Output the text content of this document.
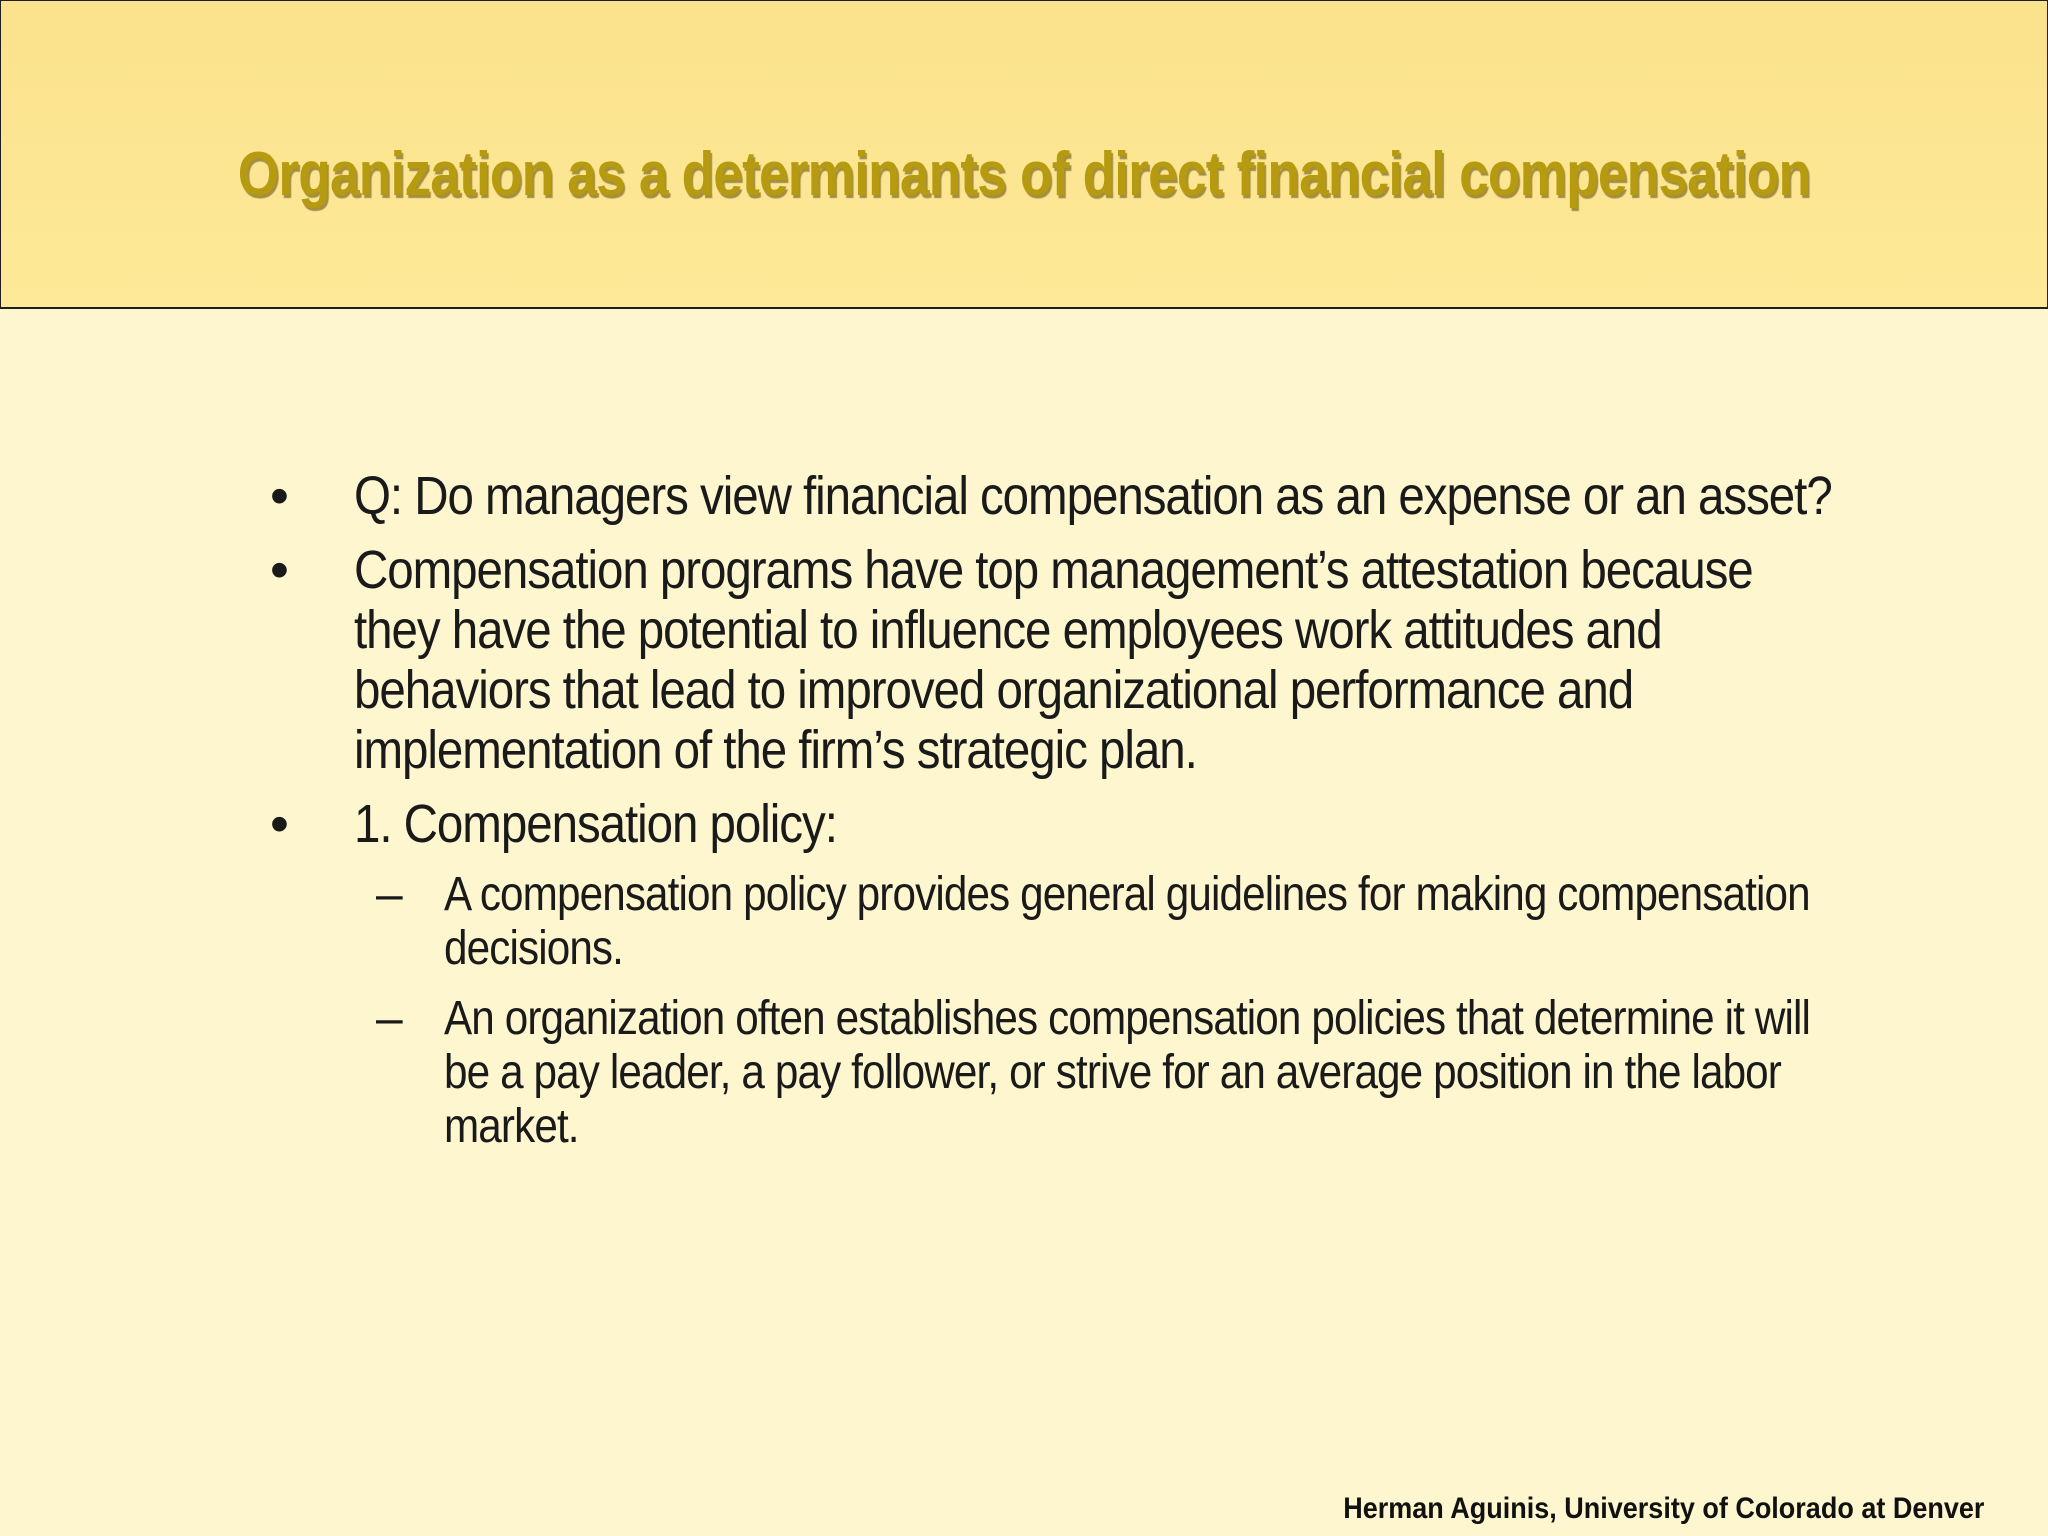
Organization as a determinants of direct financial compensation
•	Q: Do managers view financial compensation as an expense or an asset?
•	Compensation programs have top management’s attestation because they have the potential to influence employees work attitudes and behaviors that lead to improved organizational performance and implementation of the firm’s strategic plan.
•	1. Compensation policy:
– A compensation policy provides general guidelines for making compensation decisions.
– An organization often establishes compensation policies that determine it will be a pay leader, a pay follower, or strive for an average position in the labor market.
Herman Aguinis, University of Colorado at Denver
